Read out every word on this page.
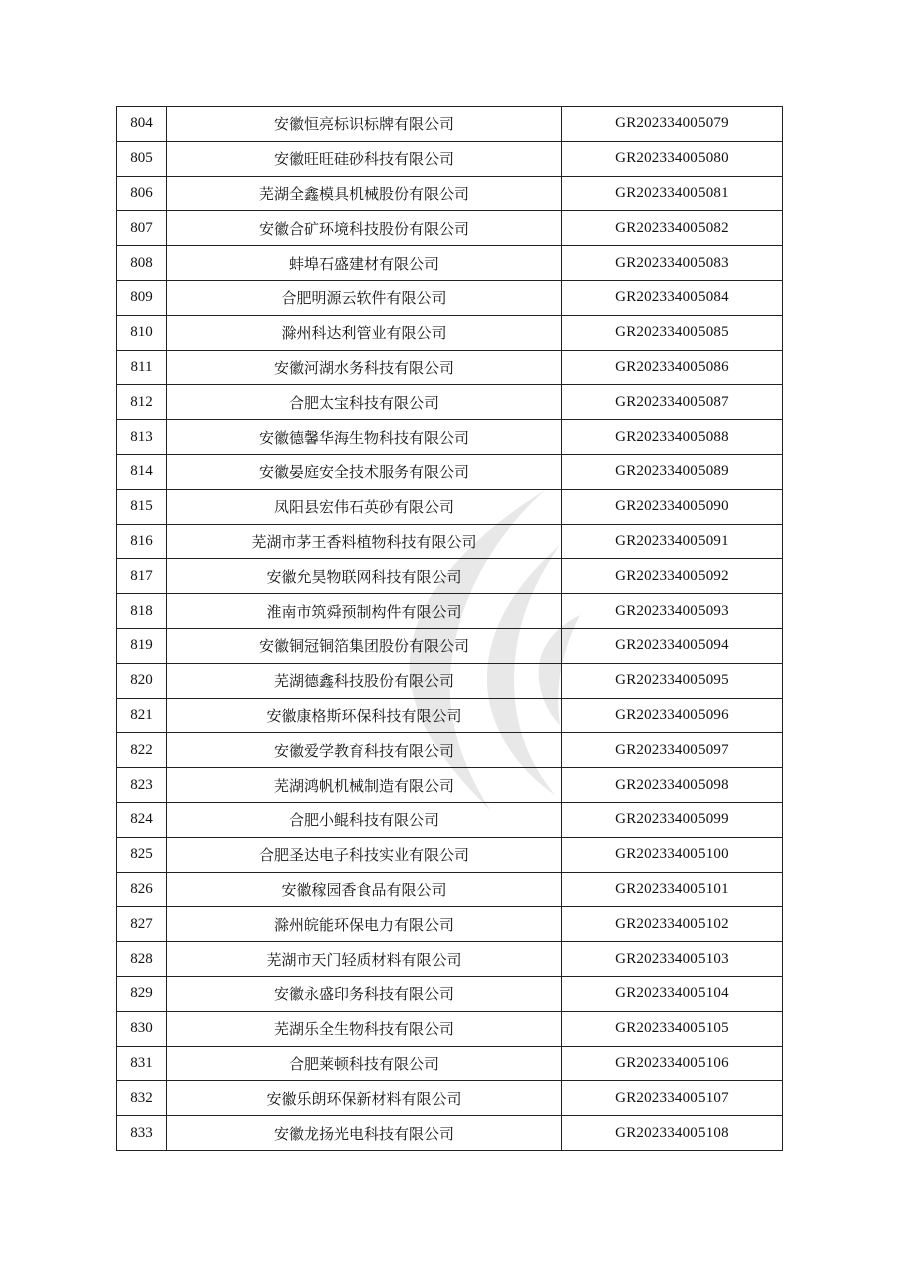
804	安徽恒亮标识标牌有限公司	GR202334005079
805	安徽旺旺硅砂科技有限公司	GR202334005080
806	芜湖全鑫模具机械股份有限公司	GR202334005081
807	安徽合矿环境科技股份有限公司	GR202334005082
808	蚌埠石盛建材有限公司	GR202334005083
809	合肥明源云软件有限公司	GR202334005084
810	滁州科达利管业有限公司	GR202334005085
811	安徽河湖水务科技有限公司	GR202334005086
812	合肥太宝科技有限公司	GR202334005087
813	安徽德馨华海生物科技有限公司	GR202334005088
814	安徽晏庭安全技术服务有限公司	GR202334005089
815	凤阳县宏伟石英砂有限公司	GR202334005090
816	芜湖市茅王香料植物科技有限公司	GR202334005091
817	安徽允昊物联网科技有限公司	GR202334005092
818	淮南市筑舜预制构件有限公司	GR202334005093
819	安徽铜冠铜箔集团股份有限公司	GR202334005094
820	芜湖德鑫科技股份有限公司	GR202334005095
821	安徽康格斯环保科技有限公司	GR202334005096
822	安徽爱学教育科技有限公司	GR202334005097
823	芜湖鸿帆机械制造有限公司	GR202334005098
824	合肥小鲲科技有限公司	GR202334005099
825	合肥圣达电子科技实业有限公司	GR202334005100
826	安徽稼园香食品有限公司	GR202334005101
827	滁州皖能环保电力有限公司	GR202334005102
828	芜湖市天门轻质材料有限公司	GR202334005103
829	安徽永盛印务科技有限公司	GR202334005104
830	芜湖乐全生物科技有限公司	GR202334005105
831	合肥莱顿科技有限公司	GR202334005106
832	安徽乐朗环保新材料有限公司	GR202334005107
833	安徽龙扬光电科技有限公司	GR202334005108
